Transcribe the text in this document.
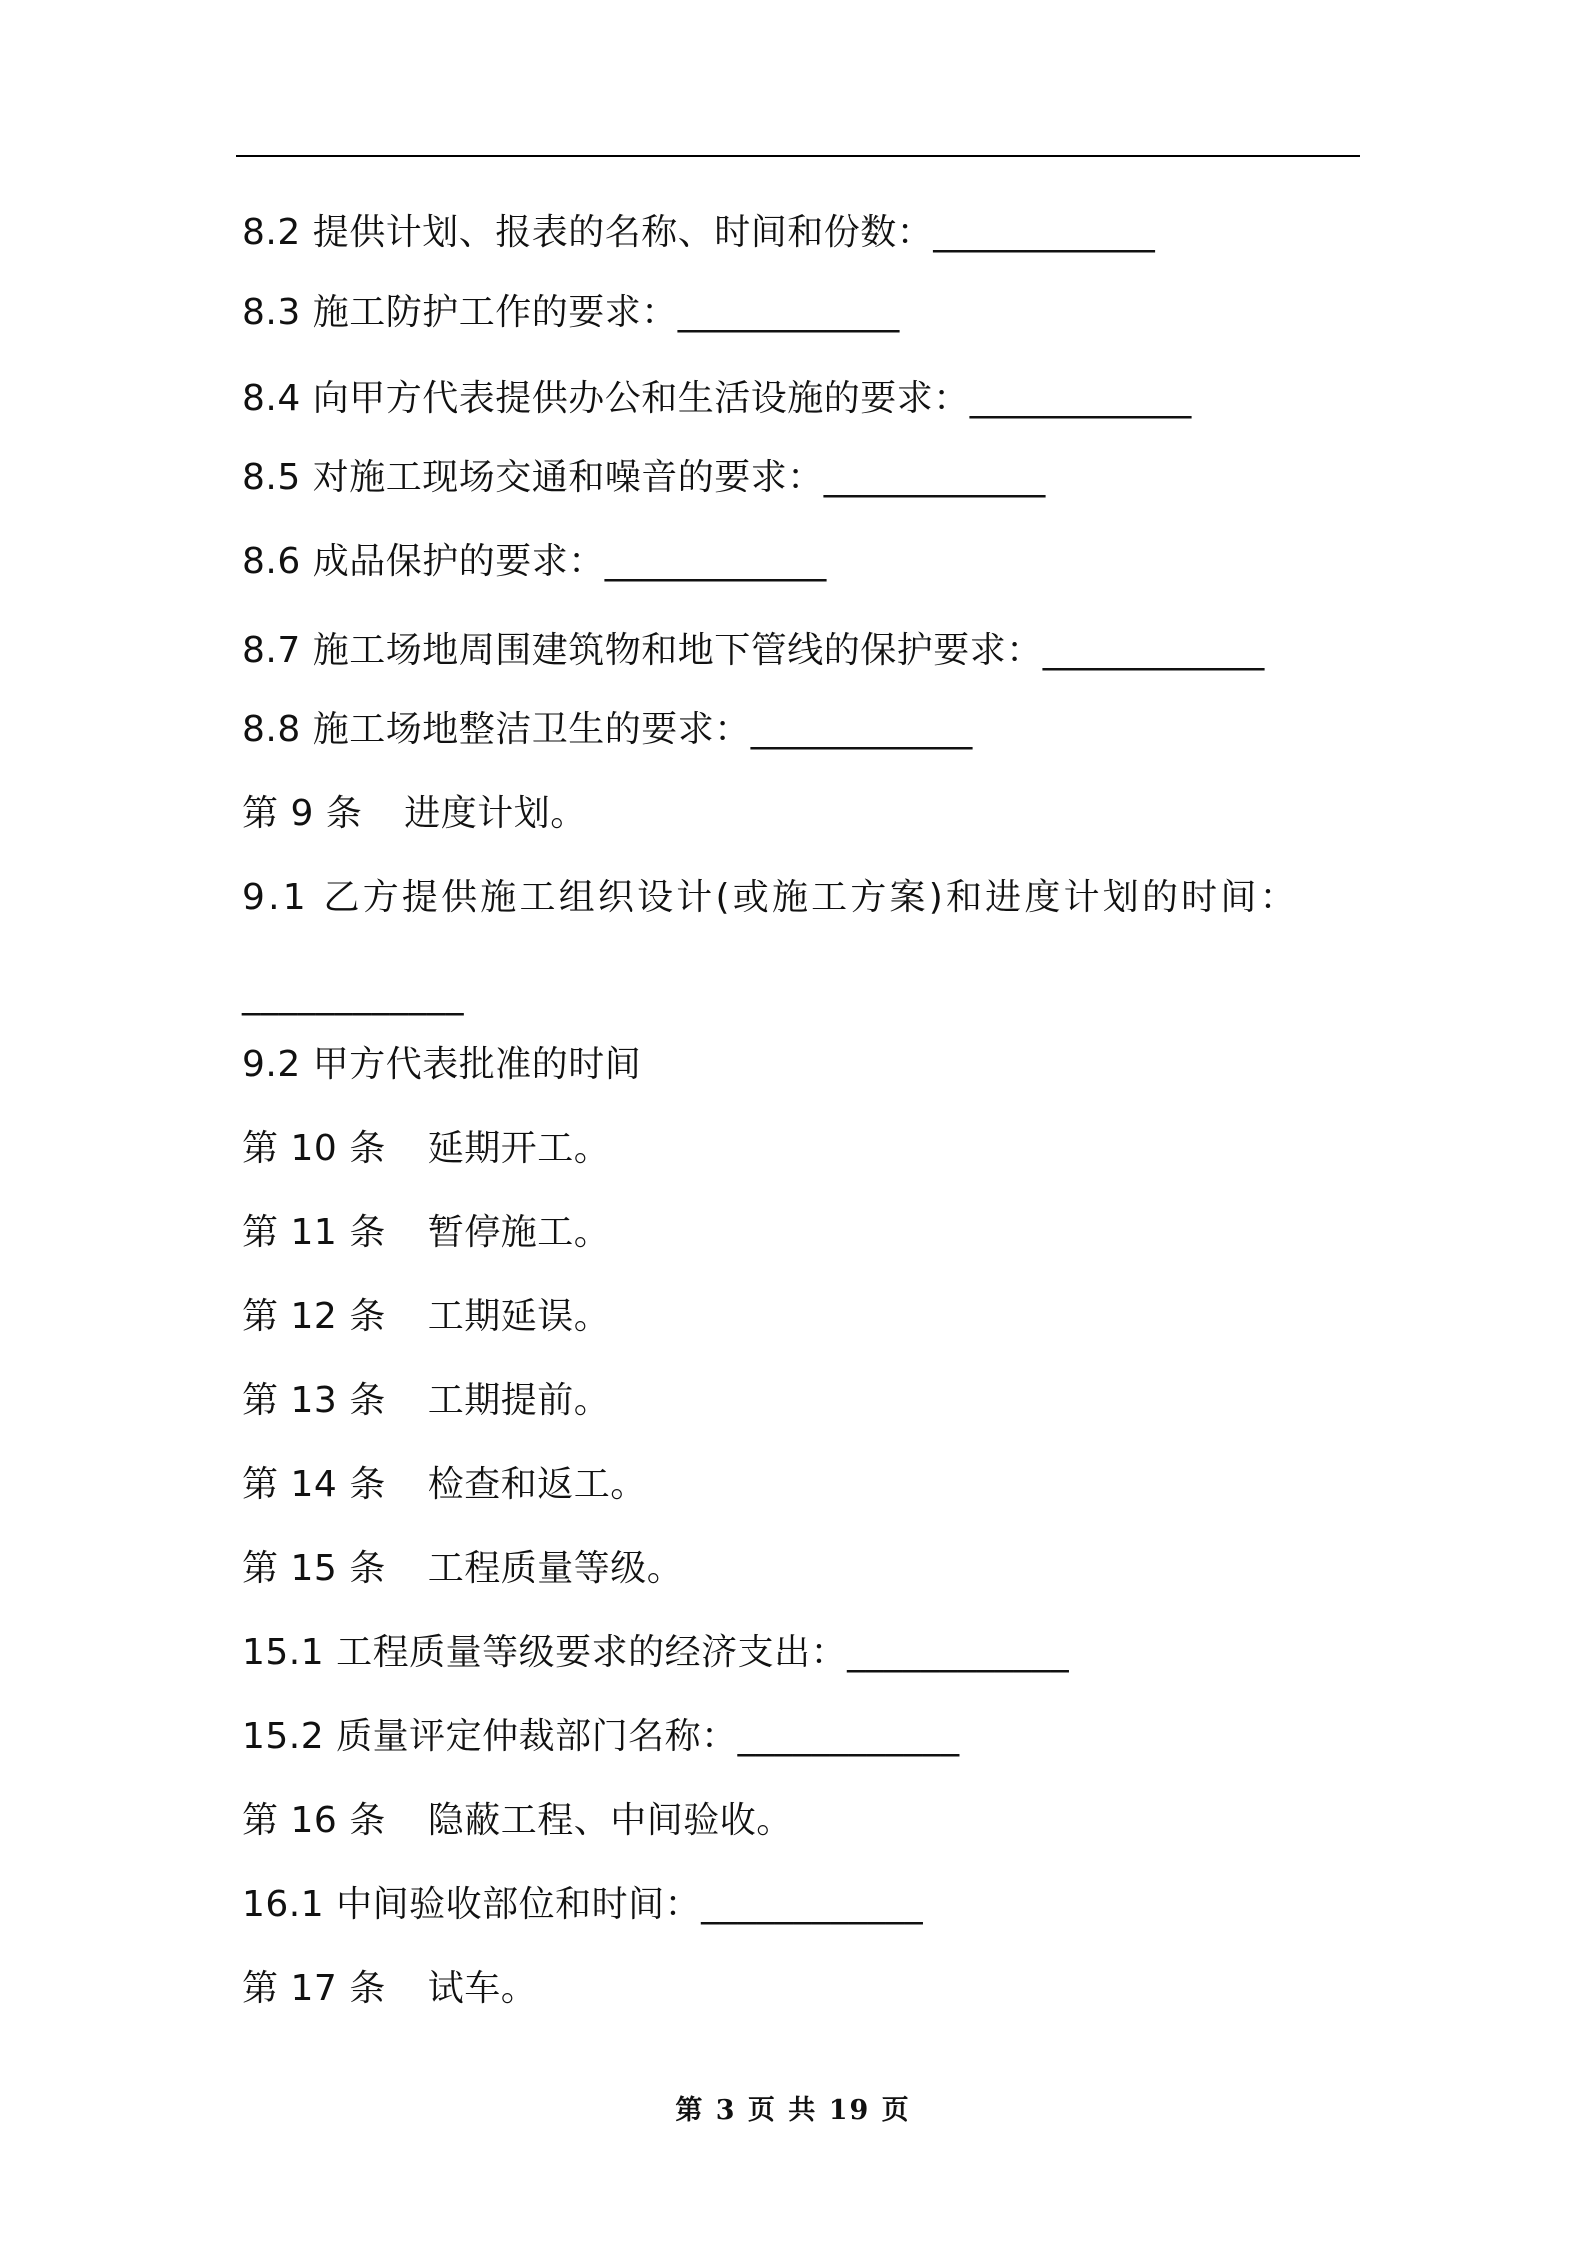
8.2 提供计划、报表的名称、时间和份数：____________
8.3 施工防护工作的要求：____________
8.4 向甲方代表提供办公和生活设施的要求：____________
8.5 对施工现场交通和噪音的要求：____________
8.6 成品保护的要求：____________
8.7 施工场地周围建筑物和地下管线的保护要求：____________
8.8 施工场地整洁卫生的要求：____________
第 9 条 进度计划。
9.1 乙方提供施工组织设计(或施工方案)和进度计划的时间：
____________
9.2 甲方代表批准的时间
第 10 条 延期开工。
第 11 条 暂停施工。
第 12 条 工期延误。
第 13 条 工期提前。
第 14 条 检查和返工。
第 15 条 工程质量等级。
15.1 工程质量等级要求的经济支出：____________
15.2 质量评定仲裁部门名称：____________
第 16 条 隐蔽工程、中间验收。
16.1 中间验收部位和时间：____________
第 17 条 试车。
第 3 页 共 19 页
